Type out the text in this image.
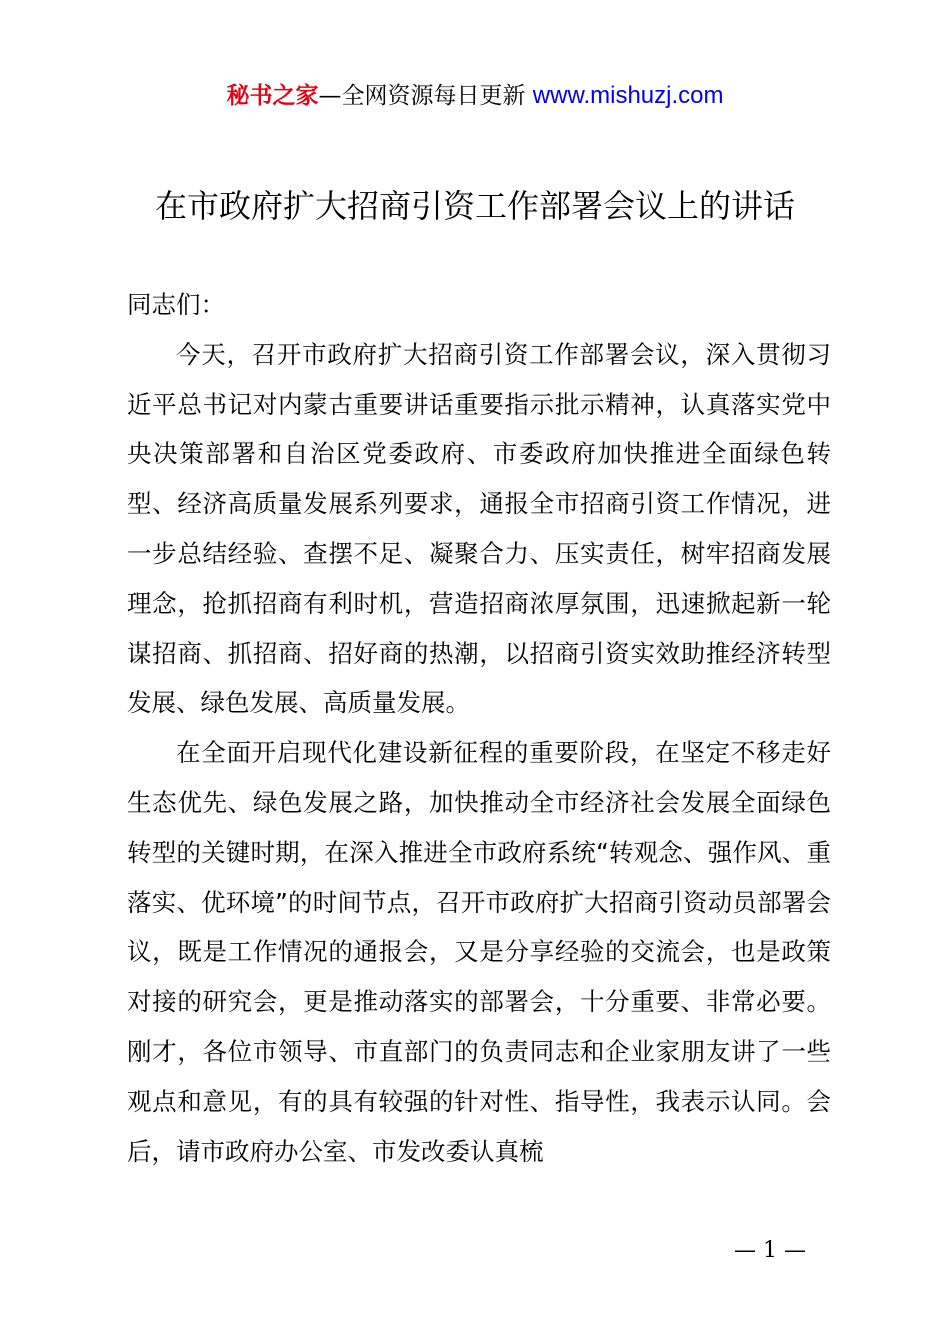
秘书之家—全网资源每日更新 www.mishuzj.com
在市政府扩大招商引资工作部署会议上的讲话

同志们：

今天，召开市政府扩大招商引资工作部署会议，深入贯彻习近平总书记对内蒙古重要讲话重要指示批示精神，认真落实党中央决策部署和自治区党委政府、市委政府加快推进全面绿色转型、经济高质量发展系列要求，通报全市招商引资工作情况，进一步总结经验、查摆不足、凝聚合力、压实责任，树牢招商发展理念，抢抓招商有利时机，营造招商浓厚氛围，迅速掀起新一轮谋招商、抓招商、招好商的热潮，以招商引资实效助推经济转型发展、绿色发展、高质量发展。

在全面开启现代化建设新征程的重要阶段，在坚定不移走好生态优先、绿色发展之路，加快推动全市经济社会发展全面绿色转型的关键时期，在深入推进全市政府系统“转观念、强作风、重落实、优环境”的时间节点，召开市政府扩大招商引资动员部署会议，既是工作情况的通报会，又是分享经验的交流会，也是政策对接的研究会，更是推动落实的部署会，十分重要、非常必要。刚才，各位市领导、市直部门的负责同志和企业家朋友讲了一些观点和意见，有的具有较强的针对性、指导性，我表示认同。会后，请市政府办公室、市发改委认真梳

— 1 —
